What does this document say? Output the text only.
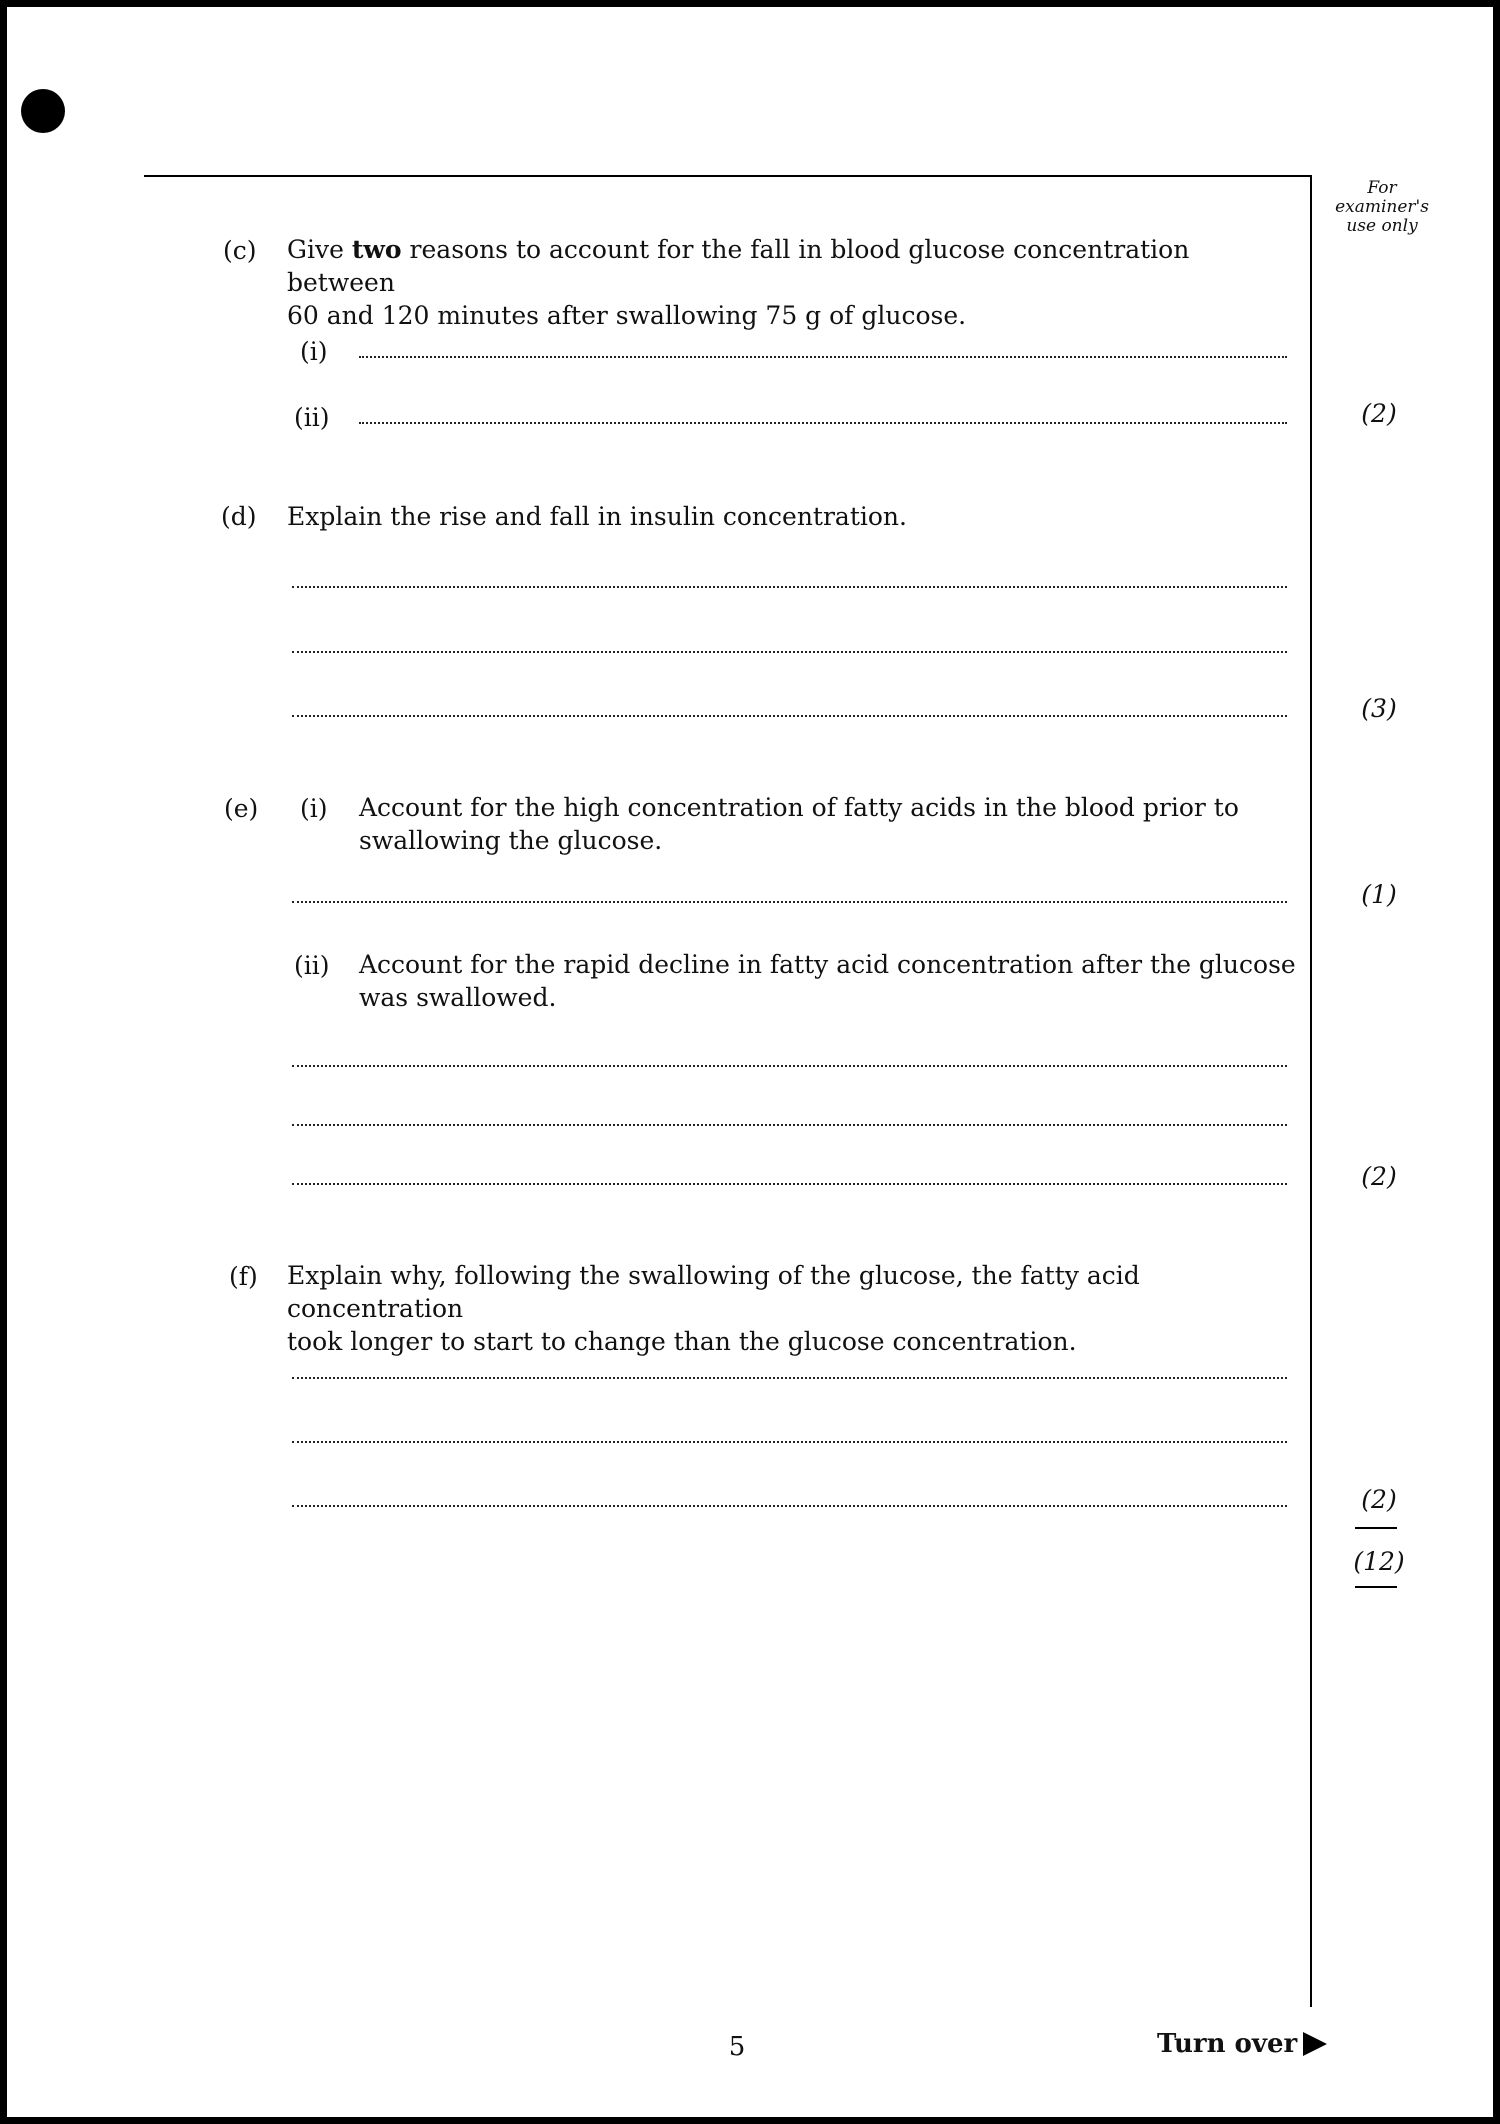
For
examiner's
use only
(c) Give two reasons to account for the fall in blood glucose concentration between
60 and 120 minutes after swallowing 75 g of glucose.
(i)
(ii)	(2)
(d) Explain the rise and fall in insulin concentration.
(3)
(e) (i) Account for the high concentration of fatty acids in the blood prior to
swallowing the glucose.
(1)
(ii) Account for the rapid decline in fatty acid concentration after the glucose
was swallowed.
(2)
(f) Explain why, following the swallowing of the glucose, the fatty acid concentration
took longer to start to change than the glucose concentration.
(2)
(12)
5	Turn over
